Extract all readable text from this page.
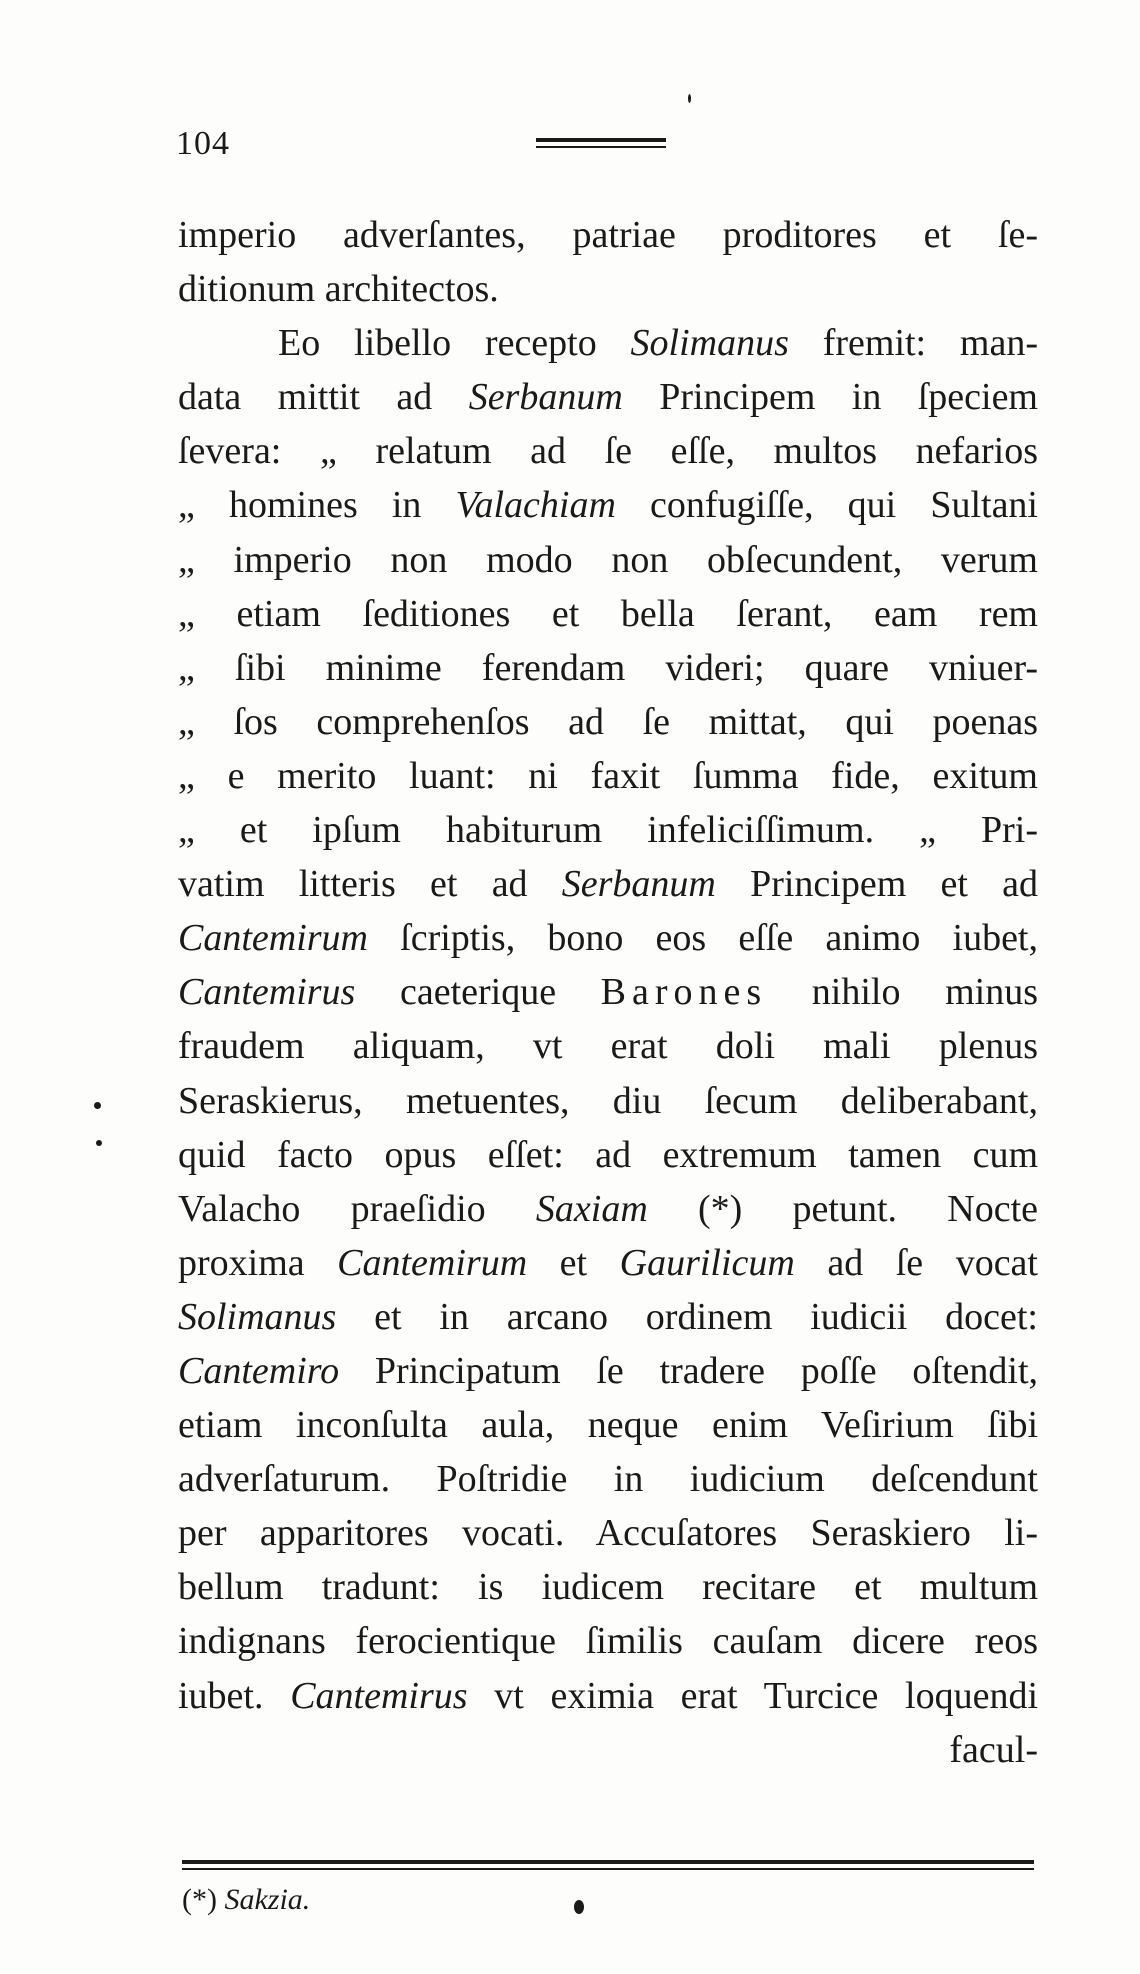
104
imperio adverſantes, patriae proditores et ſe-
ditionum architectos.
Eo libello recepto Solimanus fremit: man-
data mittit ad Serbanum Principem in ſpeciem
ſevera: „ relatum ad ſe eſſe, multos nefarios
„ homines in Valachiam confugiſſe, qui Sultani
„ imperio non modo non obſecundent, verum
„ etiam ſeditiones et bella ſerant, eam rem
„ ſibi minime ferendam videri; quare vniuer-
„ ſos comprehenſos ad ſe mittat, qui poenas
„ e merito luant: ni faxit ſumma fide, exitum
„ et ipſum habiturum infeliciſſimum. „ Pri-
vatim litteris et ad Serbanum Principem et ad
Cantemirum ſcriptis, bono eos eſſe animo iubet,
Cantemirus caeterique Barones nihilo minus
fraudem aliquam, vt erat doli mali plenus
Seraskierus, metuentes, diu ſecum deliberabant,
quid facto opus eſſet: ad extremum tamen cum
Valacho praeſidio Saxiam (*) petunt. Nocte
proxima Cantemirum et Gaurilicum ad ſe vocat
Solimanus et in arcano ordinem iudicii docet:
Cantemiro Principatum ſe tradere poſſe oſtendit,
etiam inconſulta aula, neque enim Veſirium ſibi
adverſaturum. Poſtridie in iudicium deſcendunt
per apparitores vocati. Accuſatores Seraskiero li-
bellum tradunt: is iudicem recitare et multum
indignans ferocientique ſimilis cauſam dicere reos
iubet. Cantemirus vt eximia erat Turcice loquendi
facul-
(*) Sakzia.
